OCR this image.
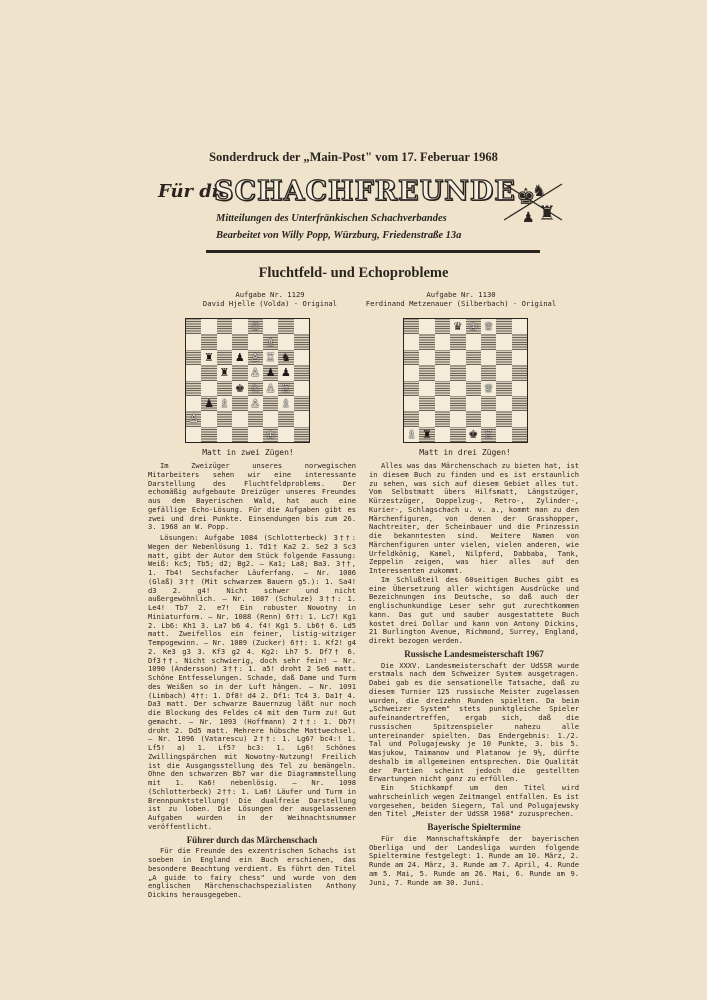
Sonderdruck der „Main-Post" vom 17. Feberuar 1968
Für die
SCHACHFREUNDE ♚
♞
♜
♟
Mitteilungen des Unterfränkischen Schachverbandes
Bearbeitet von Willy Popp, Würzburg, Friedenstraße 13a
Fluchtfeld- und Echoprobleme
Aufgabe Nr. 1129
David Hjelle (Volda) - Original
♕
♗
♜ ♟ ♙ ♖ ♞
♜ ♙ ♟ ♟
♚ ♘ ♙ ♖
♟ ♗ ♙ ♗
♙
♔
Matt in zwei Zügen!
Aufgabe Nr. 1130
Ferdinand Metzenauer (Silberbach) - Original
♛ ♔ ♕
♕
♗ ♜	♚ ♖
Matt in drei Zügen!

Im Zweizüger unseres norwegischen Mitarbeiters sehen wir eine interessante Darstellung des Fluchtfeldproblems. Der echomäßig aufgebaute Dreizüger unseres Freundes aus dem Bayerischen Wald, hat auch eine gefällige Echo-Lösung. Für die Aufgaben gibt es zwei und drei Punkte. Einsendungen bis zum 26. 3. 1968 an W. Popp.

Lösungen: Aufgabe 1084 (Schlotterbeck) 3††: Wegen der Nebenlösung 1. Td1† Ka2 2. Se2 3 Sc3 matt, gibt der Autor dem Stück folgende Fassung: Weiß: Kc5; Tb5; d2; Bg2. — Ka1; La8; Ba3. 3††, 1. Tb4! Sechsfacher Läuferfang. — Nr. 1086 (Glaß) 3†† (Mit schwarzem Bauern g5.): 1. Sa4! d3 2. g4! Nicht schwer und nicht außergewöhnlich. — Nr. 1087 (Schulze) 3††: 1. Le4! Tb7 2. e7! Ein robuster Nowotny in Miniaturform. — Nr. 1088 (Renn) 6††: 1. Lc7! Kg1 2. Lb6: Kh1 3. La7 b6 4. f4! Kg1 5. Lb6† 6. Ld5 matt. Zweifellos ein feiner, listig-witziger Tempogewinn. — Nr. 1089 (Zucker) 6††: 1. Kf2! g4 2. Ke3 g3 3. Kf3 g2 4. Kg2: Lh7 5. Df7† 6. Df3††. Nicht schwierig, doch sehr fein! — Nr. 1090 (Andersson) 3††: 1. a5! droht 2 Se6 matt. Schöne Entfesselungen. Schade, daß Dame und Turm des Weißen so in der Luft hängen. — Nr. 1091 (Limbach) 4††: 1. Df8! d4 2. Df1: Tc4 3. Da1† 4. Da3 matt. Der schwarze Bauernzug läßt nur noch die Blockung des Feldes c4 mit dem Turm zu! Gut gemacht. — Nr. 1093 (Hoffmann) 2††: 1. Db7! droht 2. Dd5 matt. Mehrere hübsche Mattwechsel. — Nr. 1096 (Vatarescu) 2††: 1. Lg6? bc4:! 1. Lf5! a) 1. Lf5? bc3: 1. Lg6! Schönes Zwillingspärchen mit Nowotny-Nutzung! Freilich ist die Ausgangsstellung des Tel zu bemängeln. Ohne den schwarzen Bb7 war die Diagrammstellung mit 1. Ka6! nebenlösig. — Nr. 1098 (Schlotterbeck) 2††: 1. La6! Läufer und Turm in Brennpunktstellung! Die dualfreie Darstellung ist zu loben. Die Lösungen der ausgelassenen Aufgaben wurden in der Weihnachtsnummer veröffentlicht.

Führer durch das Märchenschach

Für die Freunde des exzentrischen Schachs ist soeben in England ein Buch erschienen, das besondere Beachtung verdient. Es führt den Titel „A guide to fairy chess" und wurde von dem englischen Märchenschachspezialisten Anthony Dickins herausgegeben.

Alles was das Märchenschach zu bieten hat, ist in diesem Buch zu finden und es ist erstaunlich zu sehen, was sich auf diesem Gebiet alles tut. Vom Selbstmatt übers Hilfsmatt, Längstzüger, Kürzestzüger, Doppelzug-, Retro-, Zylinder-, Kurier-, Schlagschach u. v. a., kommt man zu den Märchenfiguren, von denen der Grasshopper, Nachtreiter, der Scheinbauer und die Prinzessin die bekanntesten sind. Weitere Namen von Märchenfiguren unter vielen, vielen anderen, wie Urfeldkönig, Kamel, Nilpferd, Dabbaba, Tank, Zeppelin zeigen, was hier alles auf den Interessenten zukommt.

Im Schlußteil des 60seitigen Buches gibt es eine Übersetzung aller wichtigen Ausdrücke und Bezeichnungen ins Deutsche, so daß auch der englischunkundige Leser sehr gut zurechtkommen kann. Das gut und sauber ausgestattete Buch kostet drei Dollar und kann von Antony Dickins, 21 Burlington Avenue, Richmond, Surrey, England, direkt bezogen werden.

Russische Landesmeisterschaft 1967

Die XXXV. Landesmeisterschaft der UdSSR wurde erstmals nach dem Schweizer System ausgetragen. Dabei gab es die sensationelle Tatsache, daß zu diesem Turnier 125 russische Meister zugelassen wurden, die dreizehn Runden spielten. Da beim „Schweizer System" stets punktgleiche Spieler aufeinandertreffen, ergab sich, daß die russischen Spitzenspieler nahezu alle untereinander spielten. Das Endergebnis: 1./2. Tal und Polugajewsky je 10 Punkte, 3. bis 5. Wasjukow, Taimanow und Platanow je 9½, dürfte deshalb im allgemeinen entsprechen. Die Qualität der Partien scheint jedoch die gestellten Erwartungen nicht ganz zu erfüllen.

Ein Stichkampf um den Titel wird wahrscheinlich wegen Zeitmangel entfallen. Es ist vorgesehen, beiden Siegern, Tal und Polugajewsky den Titel „Meister der UdSSR 1968" zuzusprechen.

Bayerische Spieltermine

Für die Mannschaftskämpfe der bayerischen Oberliga und der Landesliga wurden folgende Spieltermine festgelegt: 1. Runde am 10. März, 2. Runde am 24. März, 3. Runde am 7. April, 4. Runde am 5. Mai, 5. Runde am 26. Mai, 6. Runde am 9. Juni, 7. Runde am 30. Juni.
